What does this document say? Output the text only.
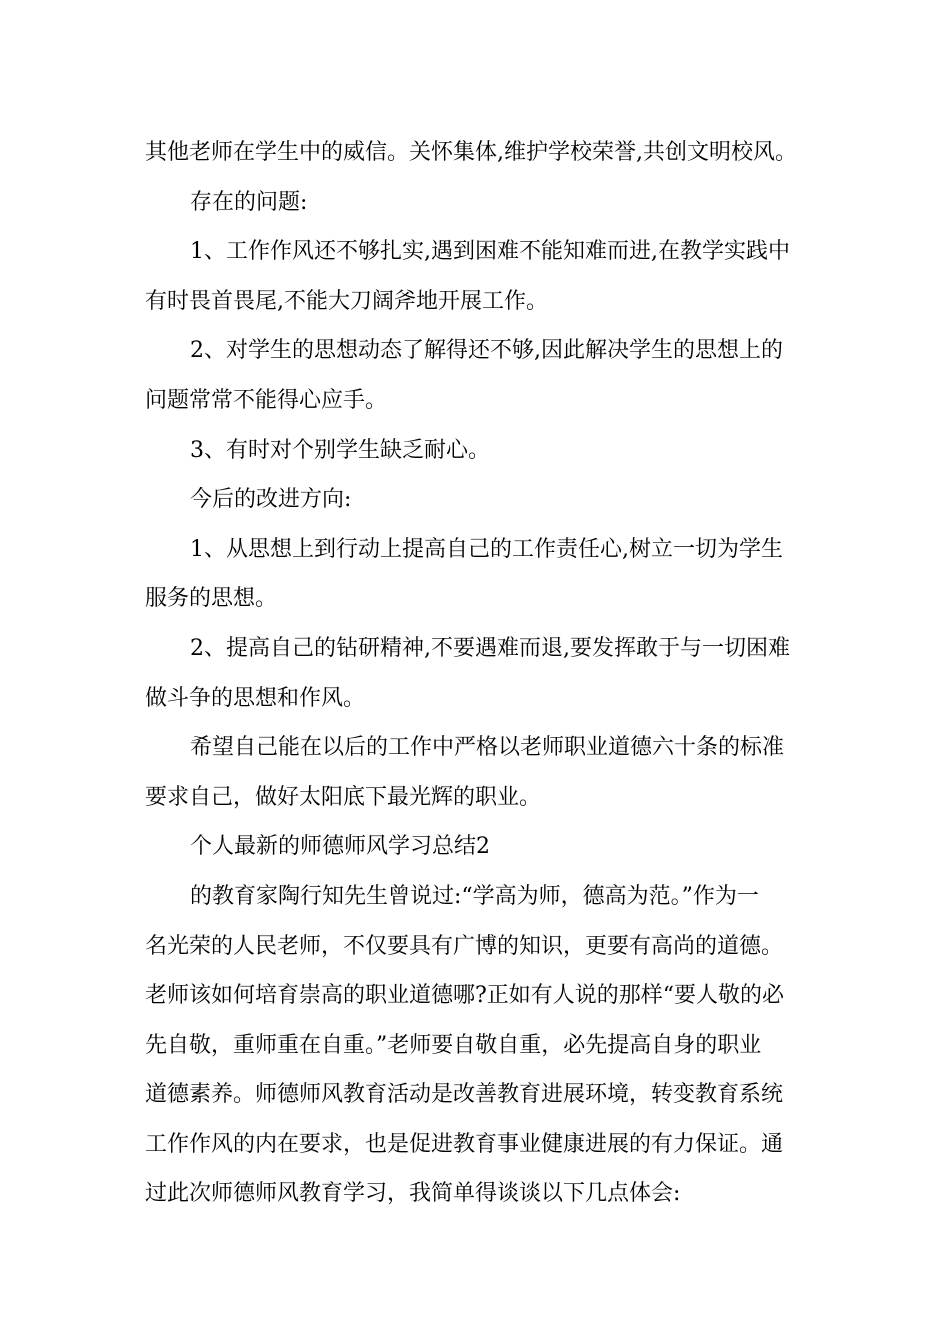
其他老师在学生中的威信。关怀集体,维护学校荣誉,共创文明校风。
存在的问题:
1、工作作风还不够扎实,遇到困难不能知难而进,在教学实践中
有时畏首畏尾,不能大刀阔斧地开展工作。
2、对学生的思想动态了解得还不够,因此解决学生的思想上的
问题常常不能得心应手。
3、有时对个别学生缺乏耐心。
今后的改进方向:
1、从思想上到行动上提高自己的工作责任心,树立一切为学生
服务的思想。
2、提高自己的钻研精神,不要遇难而退,要发挥敢于与一切困难
做斗争的思想和作风。
希望自己能在以后的工作中严格以老师职业道德六十条的标准
要求自己，做好太阳底下最光辉的职业。
个人最新的师德师风学习总结2
的教育家陶行知先生曾说过:“学高为师，德高为范。”作为一
名光荣的人民老师，不仅要具有广博的知识，更要有高尚的道德。
老师该如何培育崇高的职业道德哪?正如有人说的那样“要人敬的必
先自敬，重师重在自重。”老师要自敬自重，必先提高自身的职业
道德素养。师德师风教育活动是改善教育进展环境，转变教育系统
工作作风的内在要求，也是促进教育事业健康进展的有力保证。通
过此次师德师风教育学习，我简单得谈谈以下几点体会:
